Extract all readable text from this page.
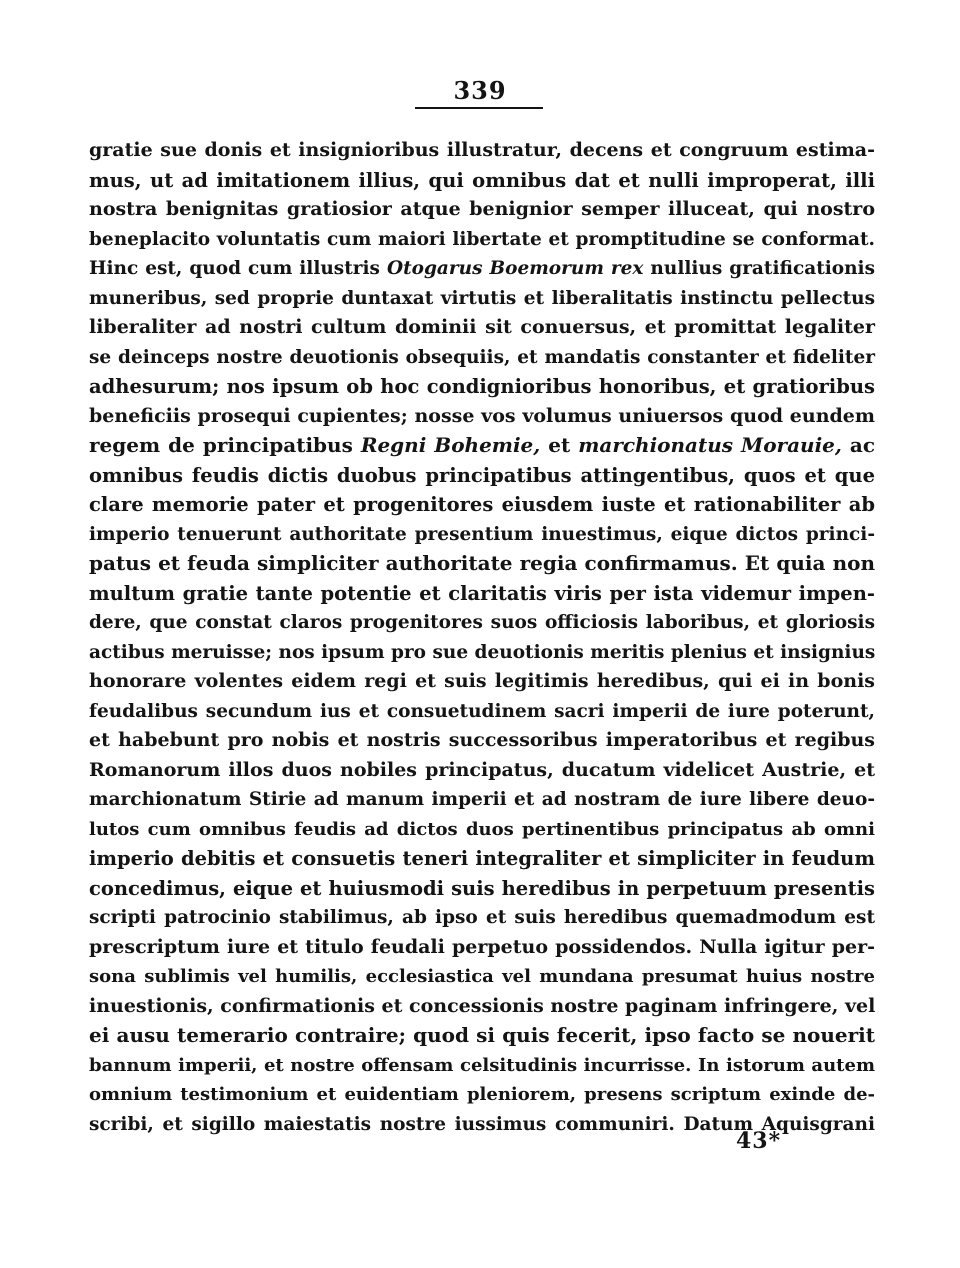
339
gratie sue donis et insignioribus illustratur, decens et congruum estima-
mus, ut ad imitationem illius, qui omnibus dat et nulli improperat, illi
nostra benignitas gratiosior atque benignior semper illuceat, qui nostro
beneplacito voluntatis cum maiori libertate et promptitudine se conformat.
Hinc est, quod cum illustris Otogarus Boemorum rex nullius gratificationis
muneribus, sed proprie duntaxat virtutis et liberalitatis instinctu pellectus
liberaliter ad nostri cultum dominii sit conuersus, et promittat legaliter
se deinceps nostre deuotionis obsequiis, et mandatis constanter et fideliter
adhesurum; nos ipsum ob hoc condignioribus honoribus, et gratioribus
beneficiis prosequi cupientes; nosse vos volumus uniuersos quod eundem
regem de principatibus Regni Bohemie, et marchionatus Morauie, ac
omnibus feudis dictis duobus principatibus attingentibus, quos et que
clare memorie pater et progenitores eiusdem iuste et rationabiliter ab
imperio tenuerunt authoritate presentium inuestimus, eique dictos princi-
patus et feuda simpliciter authoritate regia confirmamus. Et quia non
multum gratie tante potentie et claritatis viris per ista videmur impen-
dere, que constat claros progenitores suos officiosis laboribus, et gloriosis
actibus meruisse; nos ipsum pro sue deuotionis meritis plenius et insignius
honorare volentes eidem regi et suis legitimis heredibus, qui ei in bonis
feudalibus secundum ius et consuetudinem sacri imperii de iure poterunt,
et habebunt pro nobis et nostris successoribus imperatoribus et regibus
Romanorum illos duos nobiles principatus, ducatum videlicet Austrie, et
marchionatum Stirie ad manum imperii et ad nostram de iure libere deuo-
lutos cum omnibus feudis ad dictos duos pertinentibus principatus ab omni
imperio debitis et consuetis teneri integraliter et simpliciter in feudum
concedimus, eique et huiusmodi suis heredibus in perpetuum presentis
scripti patrocinio stabilimus, ab ipso et suis heredibus quemadmodum est
prescriptum iure et titulo feudali perpetuo possidendos. Nulla igitur per-
sona sublimis vel humilis, ecclesiastica vel mundana presumat huius nostre
inuestionis, confirmationis et concessionis nostre paginam infringere, vel
ei ausu temerario contraire; quod si quis fecerit, ipso facto se nouerit
bannum imperii, et nostre offensam celsitudinis incurrisse. In istorum autem
omnium testimonium et euidentiam pleniorem, presens scriptum exinde de-
scribi, et sigillo maiestatis nostre iussimus communiri. Datum Aquisgrani
43*
